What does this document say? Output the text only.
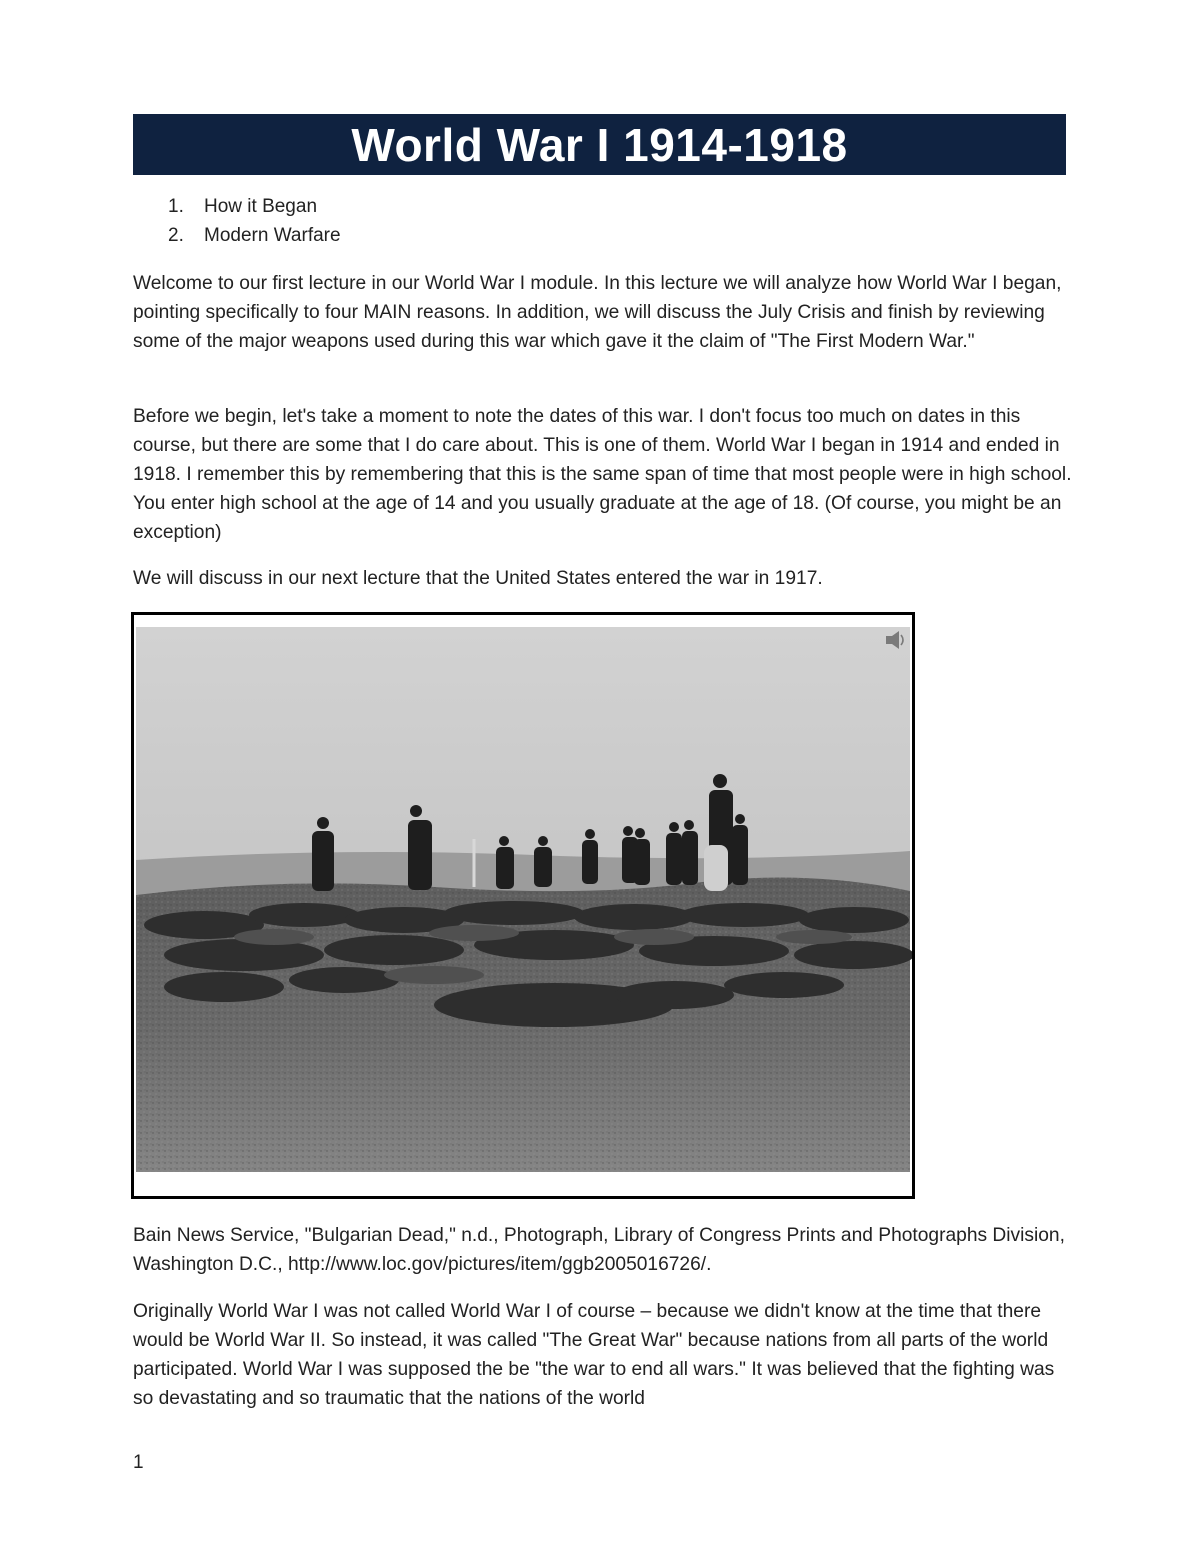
World War I 1914-1918
1.	How it Began
2.	Modern Warfare

Welcome to our first lecture in our World War I module. In this lecture we will analyze how World War I began, pointing specifically to four MAIN reasons. In addition, we will discuss the July Crisis and finish by reviewing some of the major weapons used during this war which gave it the claim of "The First Modern War."

Before we begin, let's take a moment to note the dates of this war. I don't focus too much on dates in this course, but there are some that I do care about. This is one of them. World War I began in 1914 and ended in 1918. I remember this by remembering that this is the same span of time that most people were in high school. You enter high school at the age of 14 and you usually graduate at the age of 18. (Of course, you might be an exception)

We will discuss in our next lecture that the United States entered the war in 1917.

Bain News Service, "Bulgarian Dead," n.d., Photograph, Library of Congress Prints and Photographs Division, Washington D.C., http://www.loc.gov/pictures/item/ggb2005016726/.

Originally World War I was not called World War I of course – because we didn't know at the time that there would be World War II. So instead, it was called "The Great War" because nations from all parts of the world participated. World War I was supposed the be "the war to end all wars." It was believed that the fighting was so devastating and so traumatic that the nations of the world

1
